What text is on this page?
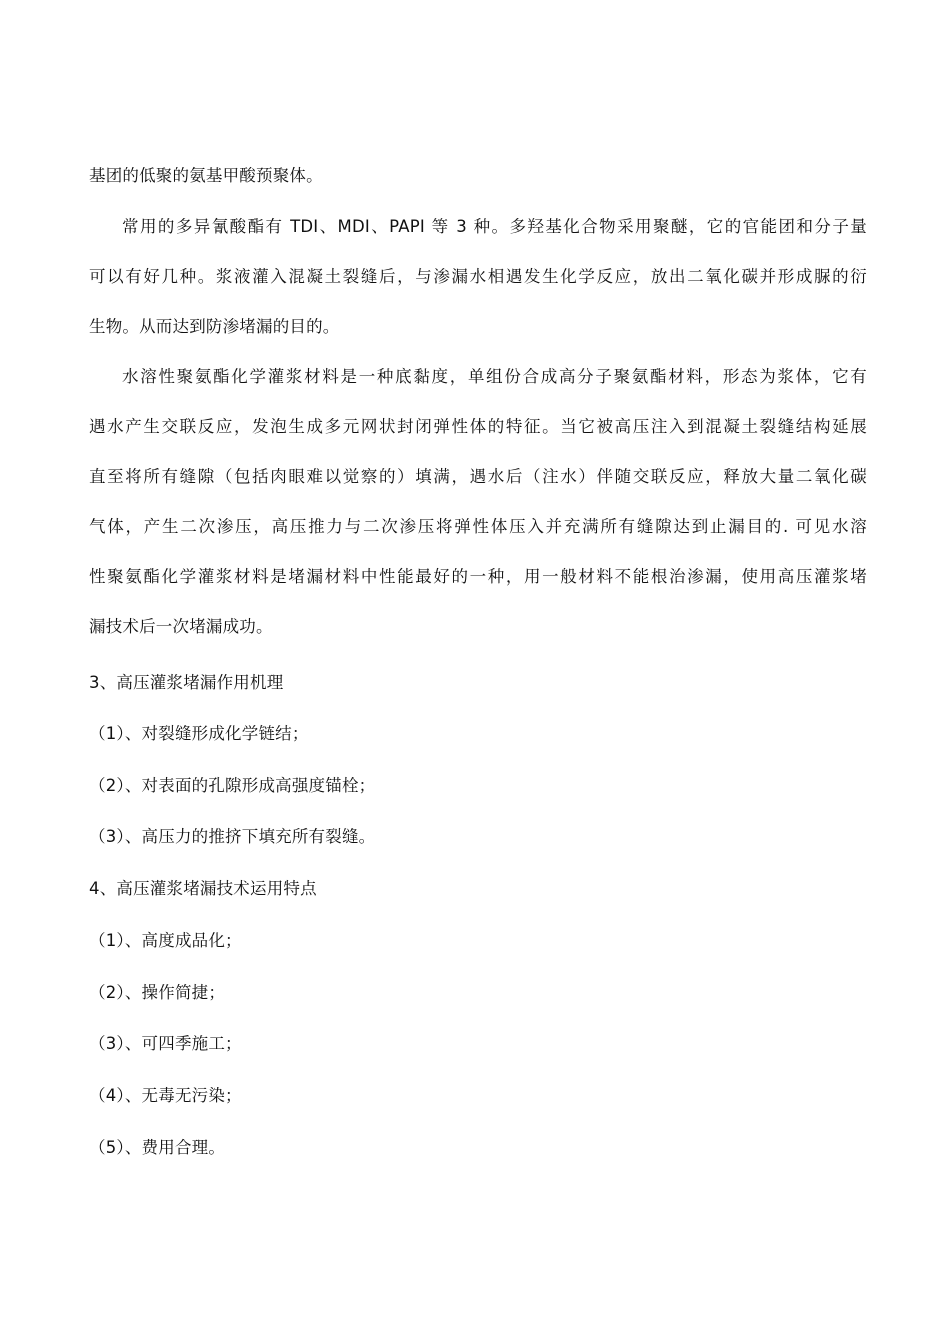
基团的低聚的氨基甲酸预聚体。
常用的多异氰酸酯有 TDI、MDI、PAPI 等 3 种。多羟基化合物采用聚醚，它的官能团和分子量
可以有好几种。浆液灌入混凝土裂缝后，与渗漏水相遇发生化学反应，放出二氧化碳并形成脲的衍
生物。从而达到防渗堵漏的目的。
水溶性聚氨酯化学灌浆材料是一种底黏度，单组份合成高分子聚氨酯材料，形态为浆体，它有
遇水产生交联反应，发泡生成多元网状封闭弹性体的特征。当它被高压注入到混凝土裂缝结构延展
直至将所有缝隙（包括肉眼难以觉察的）填满，遇水后（注水）伴随交联反应，释放大量二氧化碳
气体，产生二次渗压，高压推力与二次渗压将弹性体压入并充满所有缝隙达到止漏目的. 可见水溶
性聚氨酯化学灌浆材料是堵漏材料中性能最好的一种，用一般材料不能根治渗漏，使用高压灌浆堵
漏技术后一次堵漏成功。
3、高压灌浆堵漏作用机理
（1）、对裂缝形成化学链结；
（2）、对表面的孔隙形成高强度锚栓；
（3）、高压力的推挤下填充所有裂缝。
4、高压灌浆堵漏技术运用特点
（1）、高度成品化；
（2）、操作简捷；
（3）、可四季施工；
（4）、无毒无污染；
（5）、费用合理。
